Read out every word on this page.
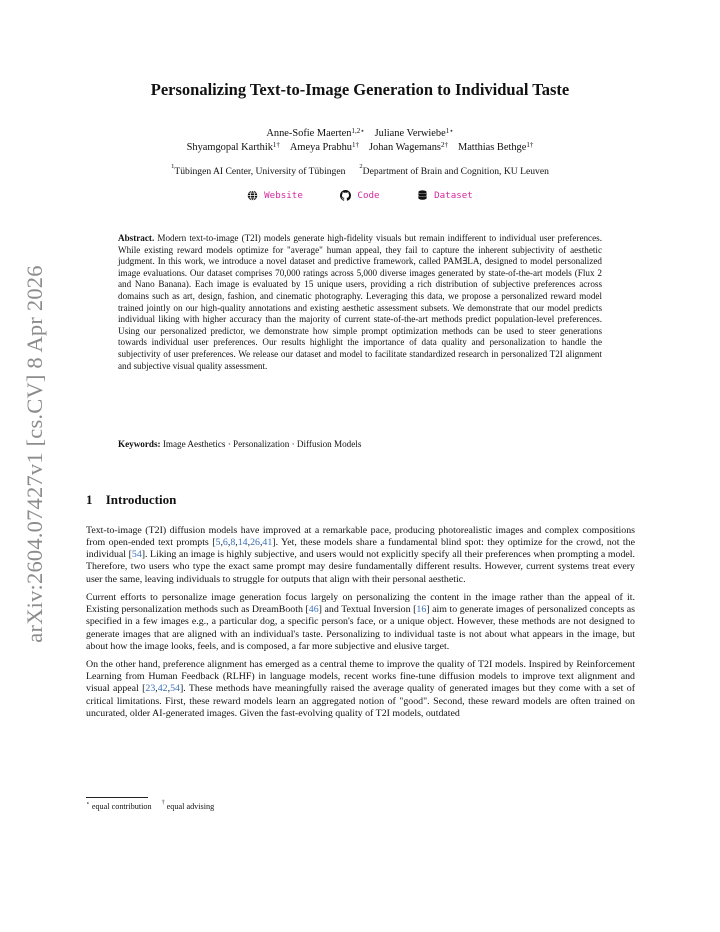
arXiv:2604.07427v1 [cs.CV] 8 Apr 2026
Personalizing Text-to-Image Generation to Individual Taste
Anne-Sofie Maerten$^{1,2⋆}$ Juliane Verwiebe$^{1⋆}$
Shyamgopal Karthik$^{1\dagger}$ Ameya Prabhu$^{1\dagger}$ Johan Wagemans$^{2\dagger}$ Matthias Bethge$^{1\dagger}$
$^1$Tübingen AI Center, University of Tübingen $^2$Department of Brain and Cognition, KU Leuven
Website
	Code
	Dataset
Abstract. Modern text-to-image (T2I) models generate high-fidelity visuals but remain indifferent to individual user preferences. While existing reward models optimize for "average" human appeal, they fail to capture the inherent subjectivity of aesthetic judgment. In this work, we introduce a novel dataset and predictive framework, called PAM∃LA, designed to model personalized image evaluations. Our dataset comprises 70,000 ratings across 5,000 diverse images generated by state-of-the-art models (Flux 2 and Nano Banana). Each image is evaluated by 15 unique users, providing a rich distribution of subjective preferences across domains such as art, design, fashion, and cinematic photography. Leveraging this data, we propose a personalized reward model trained jointly on our high-quality annotations and existing aesthetic assessment subsets. We demonstrate that our model predicts individual liking with higher accuracy than the majority of current state-of-the-art methods predict population-level preferences. Using our personalized predictor, we demonstrate how simple prompt optimization methods can be used to steer generations towards individual user preferences. Our results highlight the importance of data quality and personalization to handle the subjectivity of user preferences. We release our dataset and model to facilitate standardized research in personalized T2I alignment and subjective visual quality assessment.
Keywords: Image Aesthetics · Personalization · Diffusion Models
1 Introduction

Text-to-image (T2I) diffusion models have improved at a remarkable pace, producing photorealistic images and complex compositions from open-ended text prompts [5,6,8,14,26,41]. Yet, these models share a fundamental blind spot: they optimize for the crowd, not the individual [54]. Liking an image is highly subjective, and users would not explicitly specify all their preferences when prompting a model. Therefore, two users who type the exact same prompt may desire fundamentally different results. However, current systems treat every user the same, leaving individuals to struggle for outputs that align with their personal aesthetic.

Current efforts to personalize image generation focus largely on personalizing the content in the image rather than the appeal of it. Existing personalization methods such as DreamBooth [46] and Textual Inversion [16] aim to generate images of personalized concepts as specified in a few images e.g., a particular dog, a specific person's face, or a unique object. However, these methods are not designed to generate images that are aligned with an individual's taste. Personalizing to individual taste is not about what appears in the image, but about how the image looks, feels, and is composed, a far more subjective and elusive target.

On the other hand, preference alignment has emerged as a central theme to improve the quality of T2I models. Inspired by Reinforcement Learning from Human Feedback (RLHF) in language models, recent works fine-tune diffusion models to improve text alignment and visual appeal [23,42,54]. These methods have meaningfully raised the average quality of generated images but they come with a set of critical limitations. First, these reward models learn an aggregated notion of "good". Second, these reward models are often trained on uncurated, older AI-generated images. Given the fast-evolving quality of T2I models, outdated

⋆ equal contribution † equal advising
